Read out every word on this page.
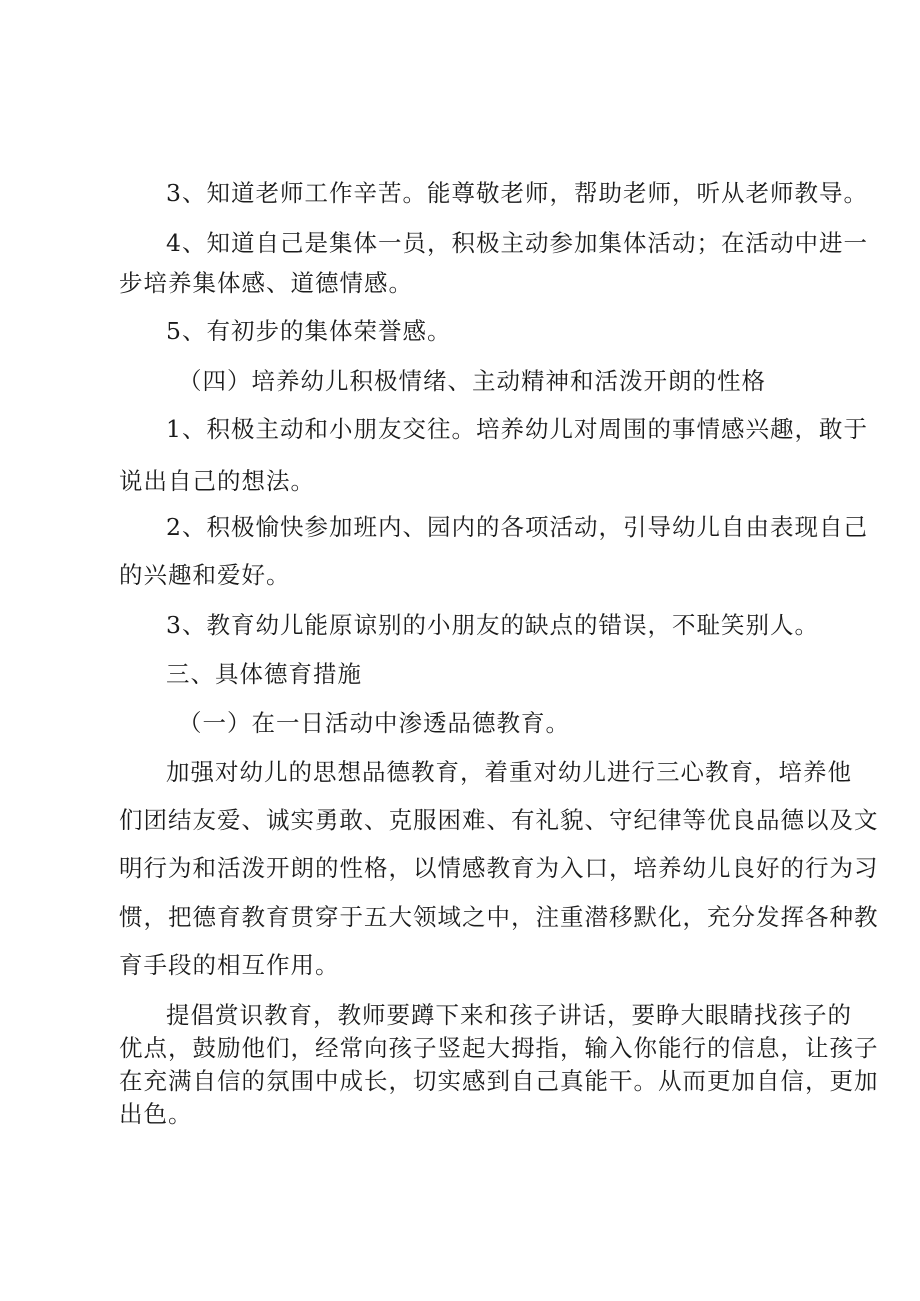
3、知道老师工作辛苦。能尊敬老师，帮助老师，听从老师教导。
4、知道自己是集体一员，积极主动参加集体活动；在活动中进一
步培养集体感、道德情感。
5、有初步的集体荣誉感。
（四）培养幼儿积极情绪、主动精神和活泼开朗的性格
1、积极主动和小朋友交往。培养幼儿对周围的事情感兴趣，敢于
说出自己的想法。
2、积极愉快参加班内、园内的各项活动，引导幼儿自由表现自己
的兴趣和爱好。
3、教育幼儿能原谅别的小朋友的缺点的错误，不耻笑别人。
三、具体德育措施
（一）在一日活动中渗透品德教育。
加强对幼儿的思想品德教育，着重对幼儿进行三心教育，培养他
们团结友爱、诚实勇敢、克服困难、有礼貌、守纪律等优良品德以及文
明行为和活泼开朗的性格，以情感教育为入口，培养幼儿良好的行为习
惯，把德育教育贯穿于五大领域之中，注重潜移默化，充分发挥各种教
育手段的相互作用。
提倡赏识教育，教师要蹲下来和孩子讲话，要睁大眼睛找孩子的
优点，鼓励他们，经常向孩子竖起大拇指，输入你能行的信息，让孩子
在充满自信的氛围中成长，切实感到自己真能干。从而更加自信，更加
出色。
